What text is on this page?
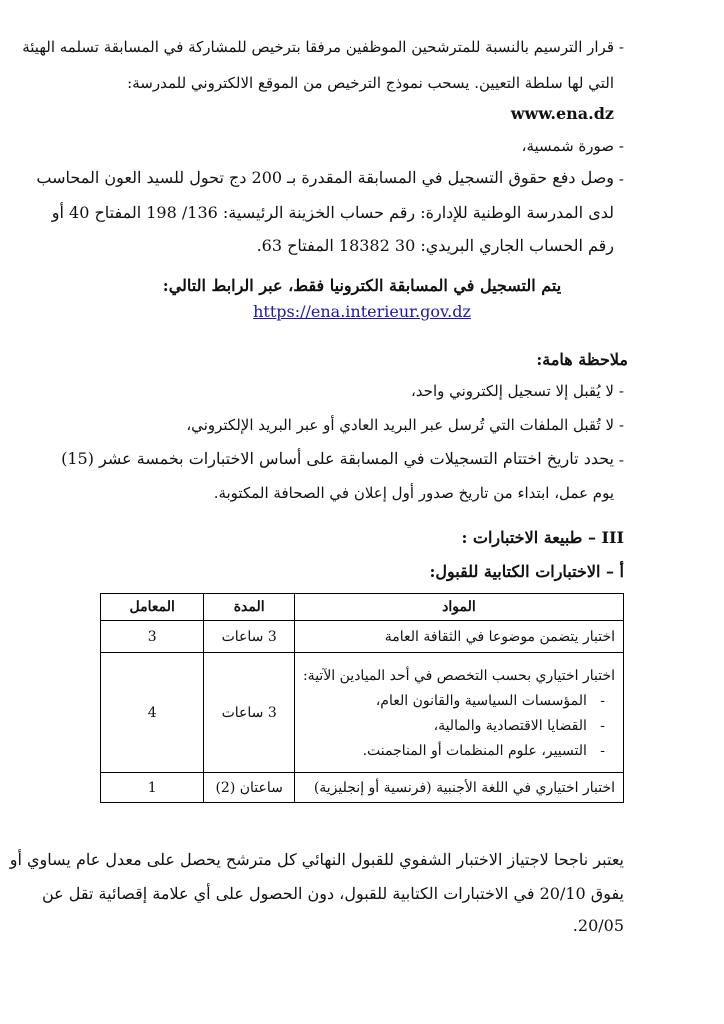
-
قرار الترسيم بالنسبة للمترشحين الموظفين مرفقا بترخيص للمشاركة في المسابقة تسلمه الهيئة
التي لها سلطة التعيين. يسحب نموذج الترخيص من الموقع الالكتروني للمدرسة:
www.ena.dz
-
صورة شمسية،
-
وصل دفع حقوق التسجيل في المسابقة المقدرة بـ 200 دج تحول للسيد العون المحاسب
لدى المدرسة الوطنية للإدارة: رقم حساب الخزينة الرئيسية: 136/ 198 المفتاح 40 أو
رقم الحساب الجاري البريدي: 30 18382 المفتاح 63.
يتم التسجيل في المسابقة الكترونيا فقط، عبر الرابط التالي:
https://ena.interieur.gov.dz
ملاحظة هامة:
-
لا يُقبل إلا تسجيل إلكتروني واحد،
-
لا تُقبل الملفات التي تُرسل عبر البريد العادي أو عبر البريد الإلكتروني،
-
يحدد تاريخ اختتام التسجيلات في المسابقة على أساس الاختبارات بخمسة عشر (15)
يوم عمل، ابتداء من تاريخ صدور أول إعلان في الصحافة المكتوبة.
III – طبيعة الاختبارات :
أ – الاختبارات الكتابية للقبول:
المواد	المدة	المعامل
اختبار يتضمن موضوعا في الثقافة العامة	3 ساعات	3

اختبار اختياري بحسب التخصص في أحد الميادين الآتية:
-   المؤسسات السياسية والقانون العام،
-   القضايا الاقتصادية والمالية،
-   التسيير، علوم المنظمات أو المناجمنت.	3 ساعات	4
اختبار اختياري في اللغة الأجنبية (فرنسية أو إنجليزية)	ساعتان (2)	1
يعتبر ناجحا لاجتياز الاختبار الشفوي للقبول النهائي كل مترشح يحصل على معدل عام يساوي أو
يفوق 20/10 في الاختبارات الكتابية للقبول، دون الحصول على أي علامة إقصائية تقل عن
20/05.
